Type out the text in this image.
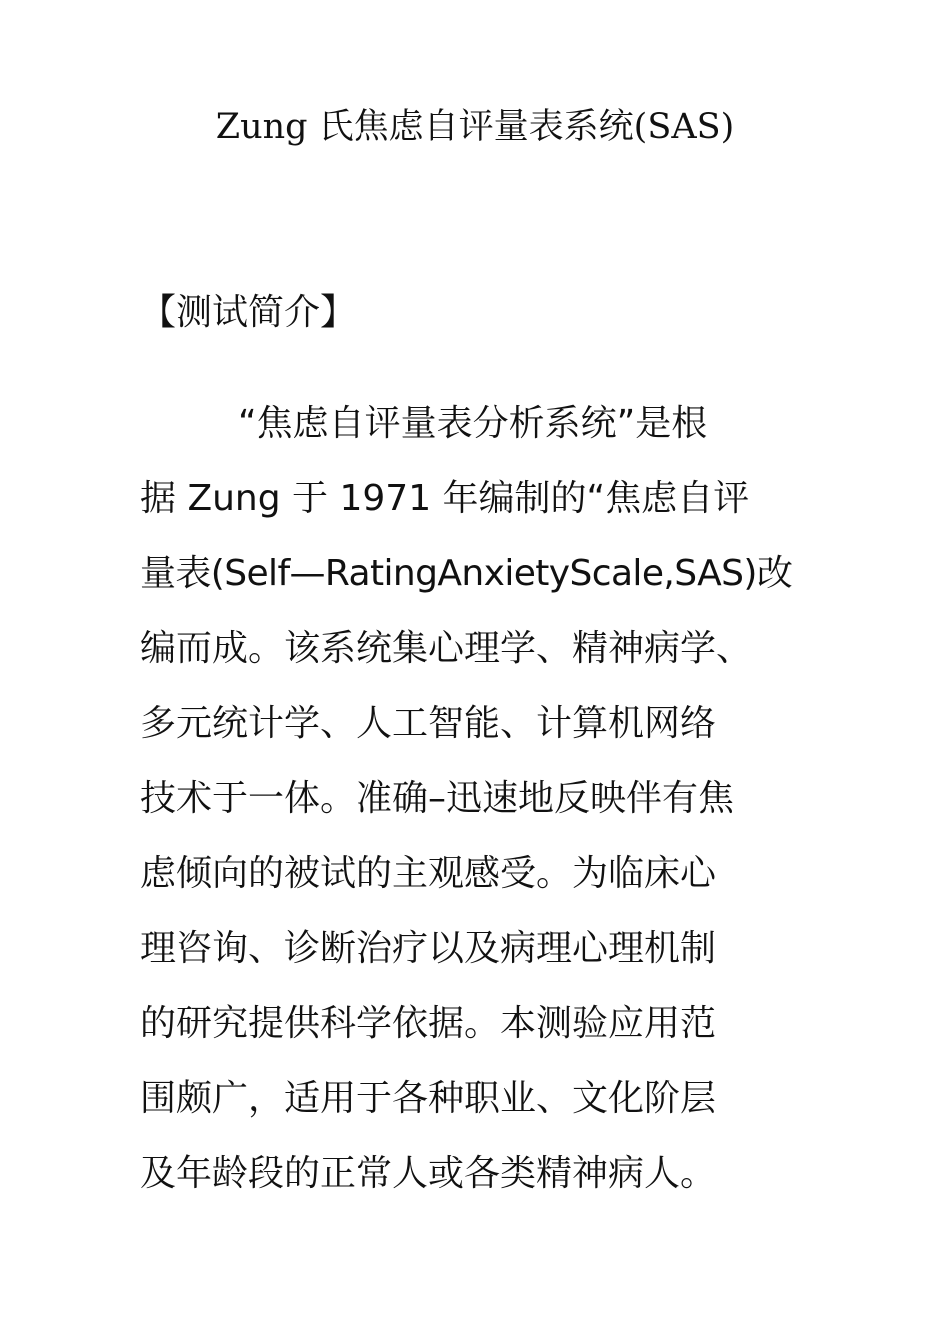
Zung 氏焦虑自评量表系统(SAS)
【测试简介】
“焦虑自评量表分析系统”是根
据 Zung 于 1971 年编制的“焦虑自评
量表(Self—RatingAnxietyScale,SAS)改
编而成。该系统集心理学、精神病学、
多元统计学、人工智能、计算机网络
技术于一体。准确–迅速地反映伴有焦
虑倾向的被试的主观感受。为临床心
理咨询、诊断治疗以及病理心理机制
的研究提供科学依据。本测验应用范
围颇广，适用于各种职业、文化阶层
及年龄段的正常人或各类精神病人。
